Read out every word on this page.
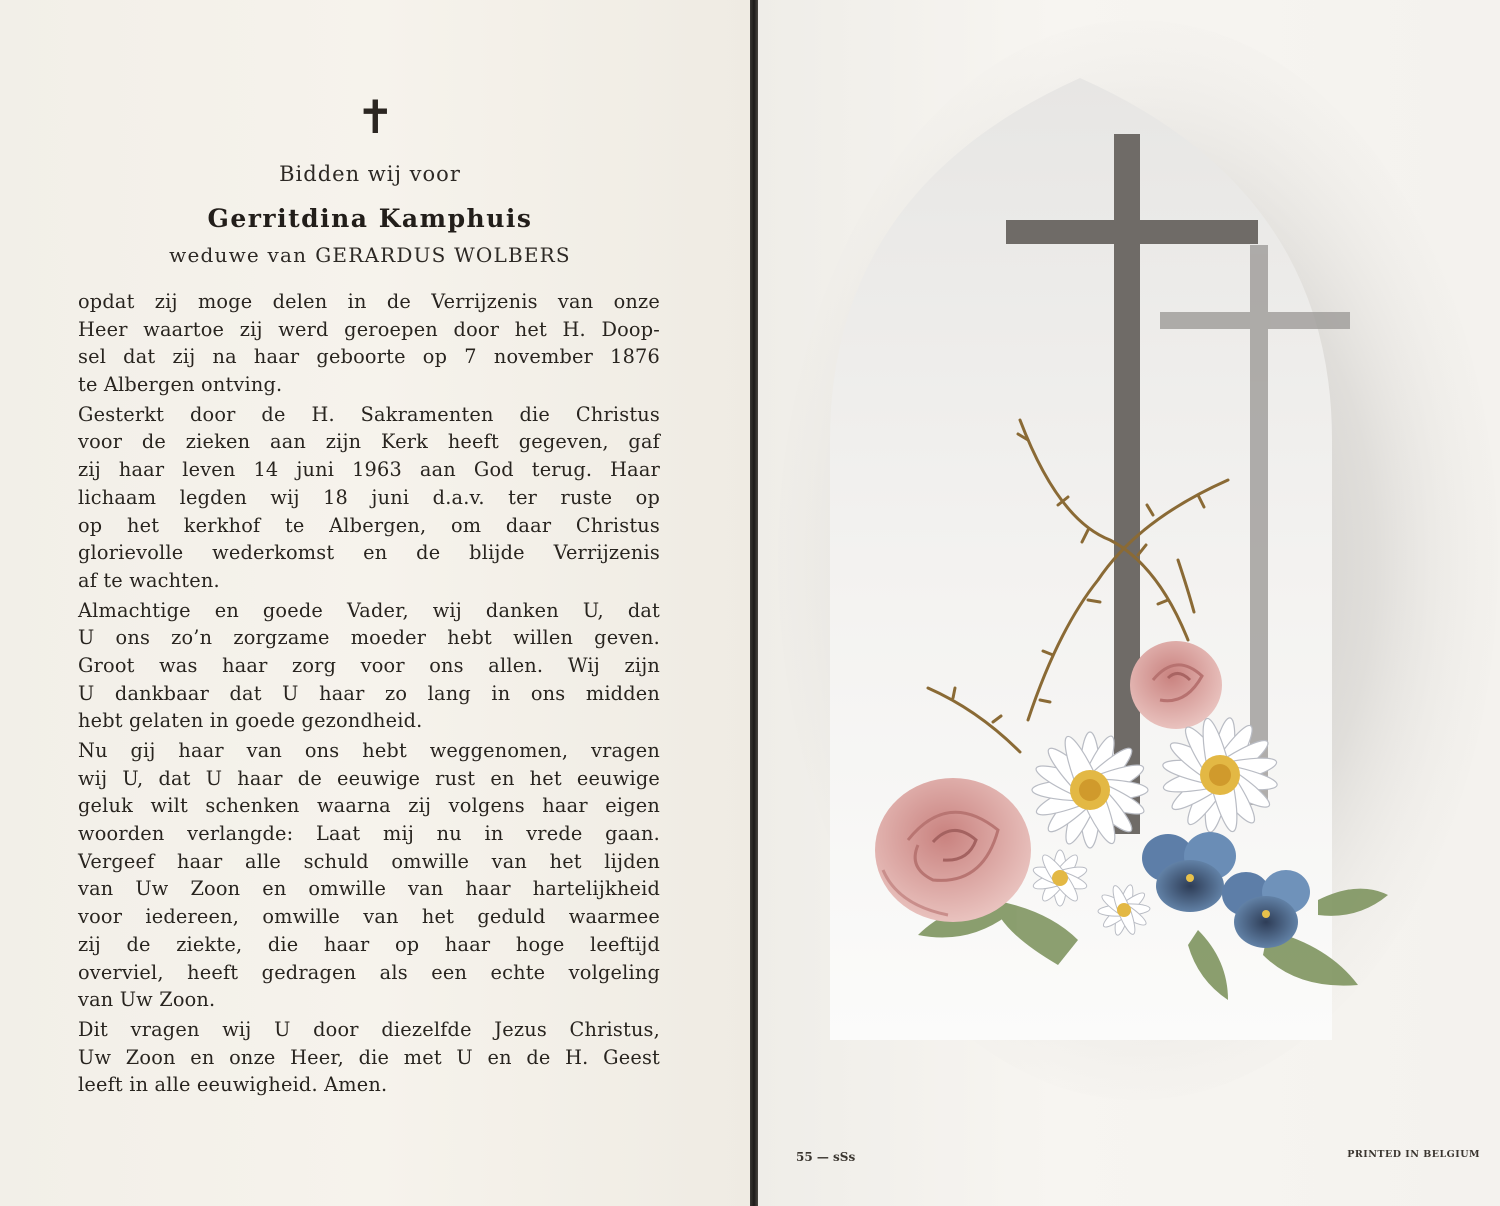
✝
Bidden wij voor
Gerritdina Kamphuis
weduwe van GERARDUS WOLBERS
opdat zij moge delen in de Verrijzenis van onze
Heer waartoe zij werd geroepen door het H. Doop-
sel dat zij na haar geboorte op 7 november 1876
te Albergen ontving.
Gesterkt door de H. Sakramenten die Christus
voor de zieken aan zijn Kerk heeft gegeven, gaf
zij haar leven 14 juni 1963 aan God terug. Haar
lichaam legden wij 18 juni d.a.v. ter ruste op
op het kerkhof te Albergen, om daar Christus
glorievolle wederkomst en de blijde Verrijzenis
af te wachten.
Almachtige en goede Vader, wij danken U, dat
U ons zo’n zorgzame moeder hebt willen geven.
Groot was haar zorg voor ons allen. Wij zijn
U dankbaar dat U haar zo lang in ons midden
hebt gelaten in goede gezondheid.
Nu gij haar van ons hebt weggenomen, vragen
wij U, dat U haar de eeuwige rust en het eeuwige
geluk wilt schenken waarna zij volgens haar eigen
woorden verlangde: Laat mij nu in vrede gaan.
Vergeef haar alle schuld omwille van het lijden
van Uw Zoon en omwille van haar hartelijkheid
voor iedereen, omwille van het geduld waarmee
zij de ziekte, die haar op haar hoge leeftijd
overviel, heeft gedragen als een echte volgeling
van Uw Zoon.
Dit vragen wij U door diezelfde Jezus Christus,
Uw Zoon en onze Heer, die met U en de H. Geest
leeft in alle eeuwigheid. Amen.
55 — sSs	PRINTED IN BELGIUM
